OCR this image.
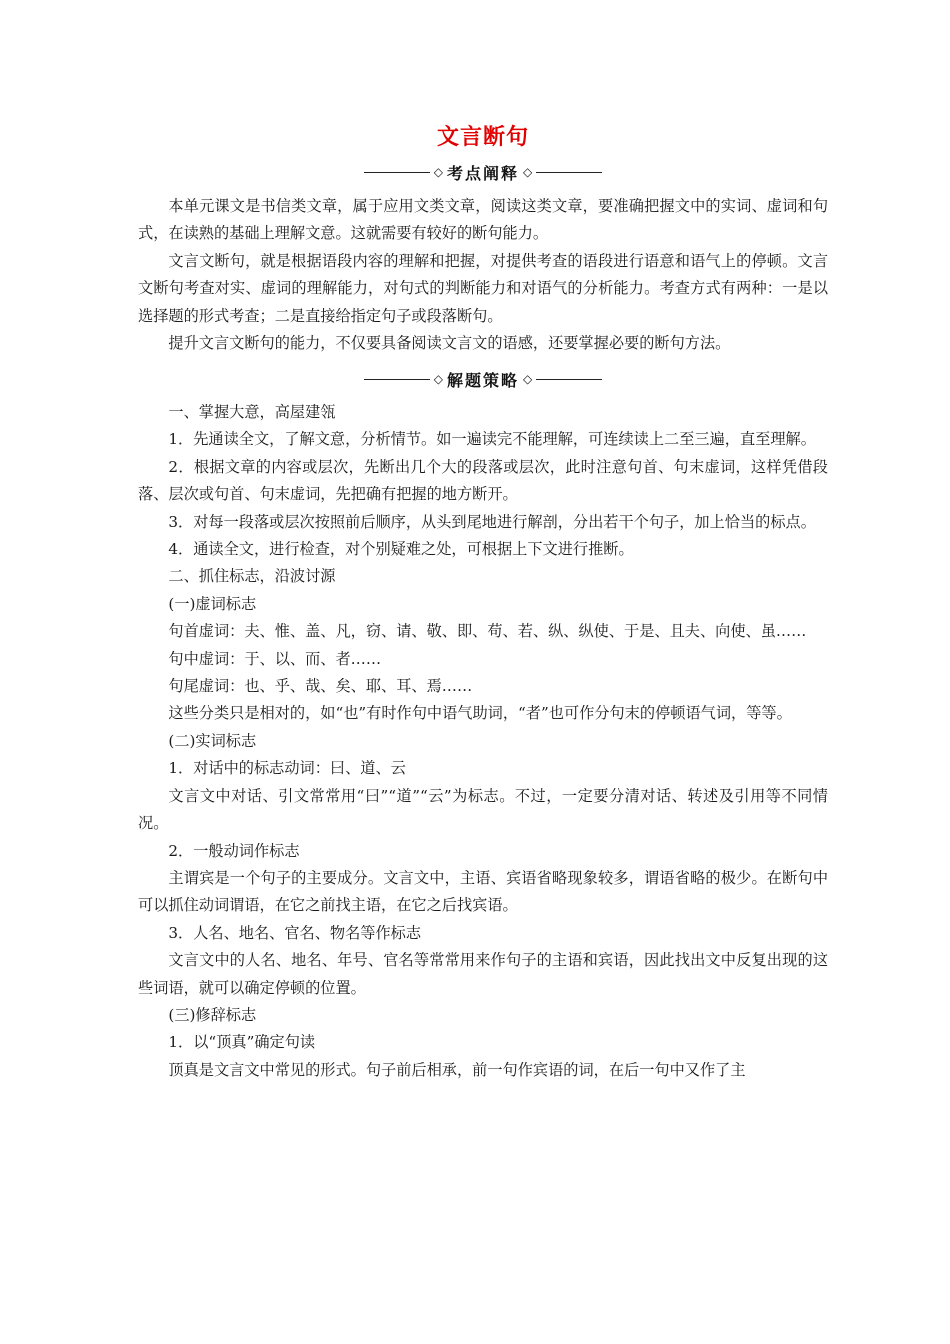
文言断句
◇ 考点阐释 ◇

本单元课文是书信类文章，属于应用文类文章，阅读这类文章，要准确把握文中的实词、虚词和句式，在读熟的基础上理解文意。这就需要有较好的断句能力。

文言文断句，就是根据语段内容的理解和把握，对提供考查的语段进行语意和语气上的停顿。文言文断句考查对实、虚词的理解能力，对句式的判断能力和对语气的分析能力。考查方式有两种：一是以选择题的形式考查；二是直接给指定句子或段落断句。

提升文言文断句的能力，不仅要具备阅读文言文的语感，还要掌握必要的断句方法。

◇ 解题策略 ◇

一、掌握大意，高屋建瓴

1．先通读全文，了解文意，分析情节。如一遍读完不能理解，可连续读上二至三遍，直至理解。

2．根据文章的内容或层次，先断出几个大的段落或层次，此时注意句首、句末虚词，这样凭借段落、层次或句首、句末虚词，先把确有把握的地方断开。

3．对每一段落或层次按照前后顺序，从头到尾地进行解剖，分出若干个句子，加上恰当的标点。

4．通读全文，进行检查，对个别疑难之处，可根据上下文进行推断。

二、抓住标志，沿波讨源

(一)虚词标志

句首虚词：夫、惟、盖、凡，窃、请、敬、即、苟、若、纵、纵使、于是、且夫、向使、虽……

句中虚词：于、以、而、者……

句尾虚词：也、乎、哉、矣、耶、耳、焉……

这些分类只是相对的，如“也”有时作句中语气助词，“者”也可作分句末的停顿语气词，等等。

(二)实词标志

1．对话中的标志动词：曰、道、云

文言文中对话、引文常常用“曰”“道”“云”为标志。不过，一定要分清对话、转述及引用等不同情况。

2．一般动词作标志

主谓宾是一个句子的主要成分。文言文中，主语、宾语省略现象较多，谓语省略的极少。在断句中可以抓住动词谓语，在它之前找主语，在它之后找宾语。

3．人名、地名、官名、物名等作标志

文言文中的人名、地名、年号、官名等常常用来作句子的主语和宾语，因此找出文中反复出现的这些词语，就可以确定停顿的位置。

(三)修辞标志

1．以“顶真”确定句读

顶真是文言文中常见的形式。句子前后相承，前一句作宾语的词，在后一句中又作了主
